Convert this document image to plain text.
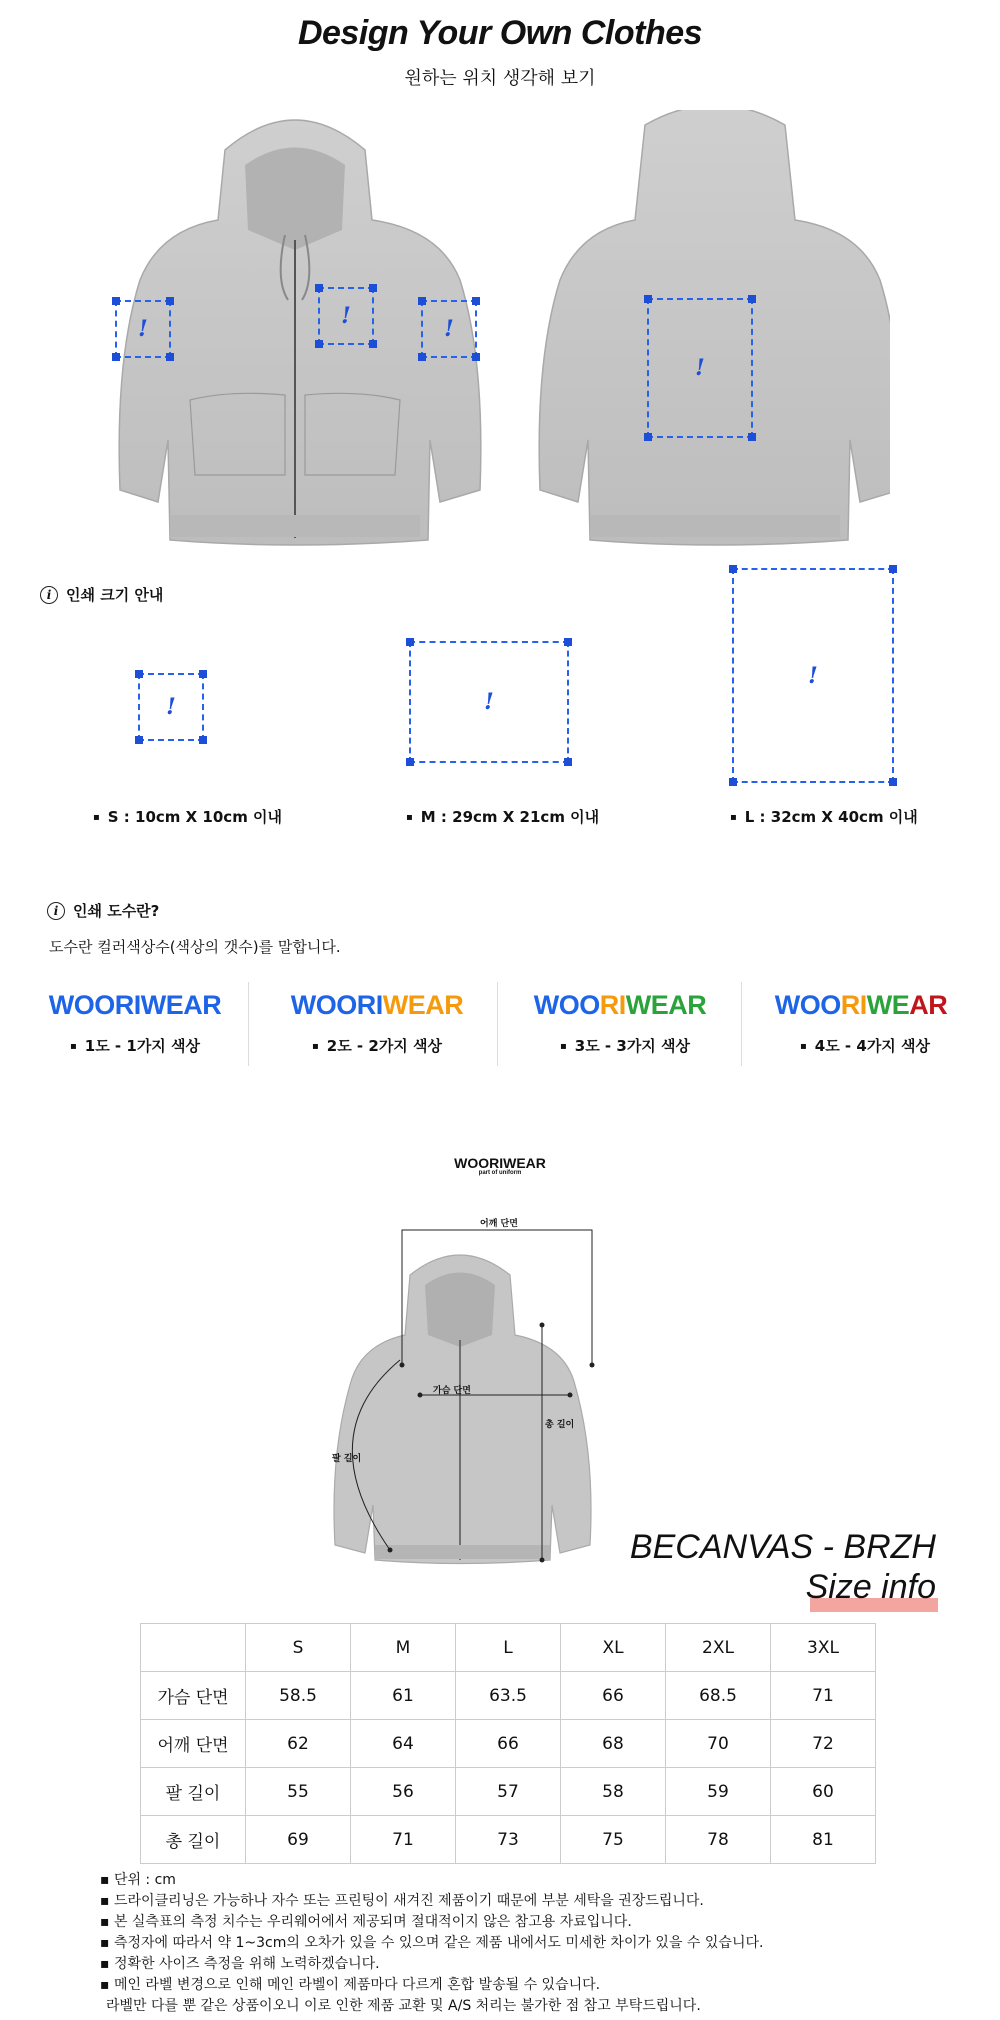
Design Your Own Clothes
원하는 위치 생각해 보기
!	!	!
!
i 인쇄 크기 안내
!	!
!
▪ S : 10cm X 10cm 이내	▪ M : 29cm X 21cm 이내	▪ L : 32cm X 40cm 이내
i 인쇄 도수란?
도수란 컬러색상수(색상의 갯수)를 말합니다.
WOORIWEAR
▪ 1도 - 1가지 색상
WOORIWEAR
▪ 2도 - 2가지 색상
WOORIWEAR
▪ 3도 - 3가지 색상
WOORIWEAR
▪ 4도 - 4가지 색상
WOORIWEAR
part of uniform
어깨 단면
가슴 단면
총 길이
팔 길이
BECANVAS - BRZH
Size info
	S	M	L	XL	2XL	3XL
가슴 단면	58.5	61	63.5	66	68.5	71
어깨 단면	62	64	66	68	70	72
팔 길이	55	56	57	58	59	60
총 길이	69	71	73	75	78	81
▪ 단위 : cm
▪ 드라이클리닝은 가능하나 자수 또는 프린팅이 새겨진 제품이기 때문에 부분 세탁을 권장드립니다.
▪ 본 실측표의 측정 치수는 우리웨어에서 제공되며 절대적이지 않은 참고용 자료입니다.
▪ 측정자에 따라서 약 1~3cm의 오차가 있을 수 있으며 같은 제품 내에서도 미세한 차이가 있을 수 있습니다.
▪ 정확한 사이즈 측정을 위해 노력하겠습니다.
▪ 메인 라벨 변경으로 인해 메인 라벨이 제품마다 다르게 혼합 발송될 수 있습니다.
라벨만 다를 뿐 같은 상품이오니 이로 인한 제품 교환 및 A/S 처리는 불가한 점 참고 부탁드립니다.
